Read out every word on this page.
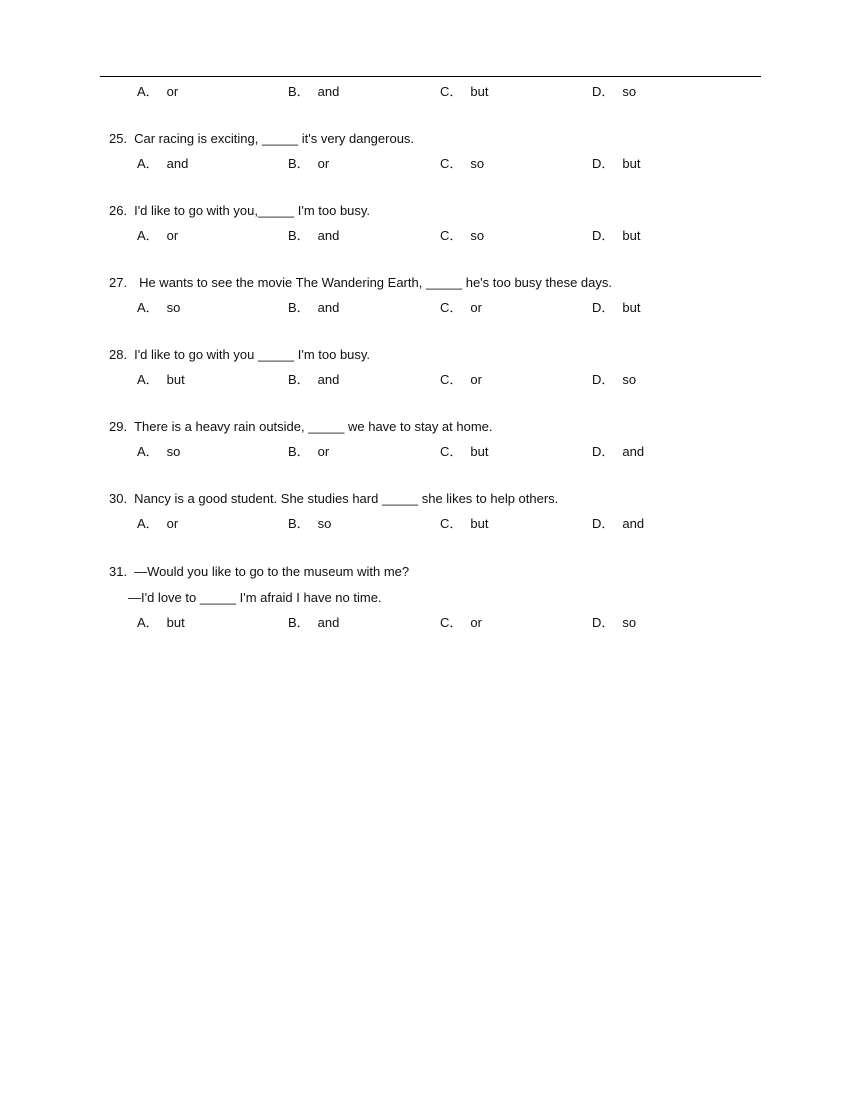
A． or	B． and	C． but	D． so
25. Car racing is exciting, _____ it's very dangerous.
A． and	B． or	C． so	D． but
26. I'd like to go with you,_____ I'm too busy.
A． or	B． and	C． so	D． but
27. He wants to see the movie The Wandering Earth, _____ he's too busy these days.
A． so	B． and	C． or	D． but
28. I'd like to go with you _____ I'm too busy.
A． but	B． and	C． or	D． so
29. There is a heavy rain outside, _____ we have to stay at home.
A． so	B． or	C． but	D． and
30. Nancy is a good student. She studies hard _____ she likes to help others.
A． or	B． so	C． but	D． and
31. —Would you like to go to the museum with me?
—I'd love to _____ I'm afraid I have no time.
A． but	B． and	C． or	D． so
